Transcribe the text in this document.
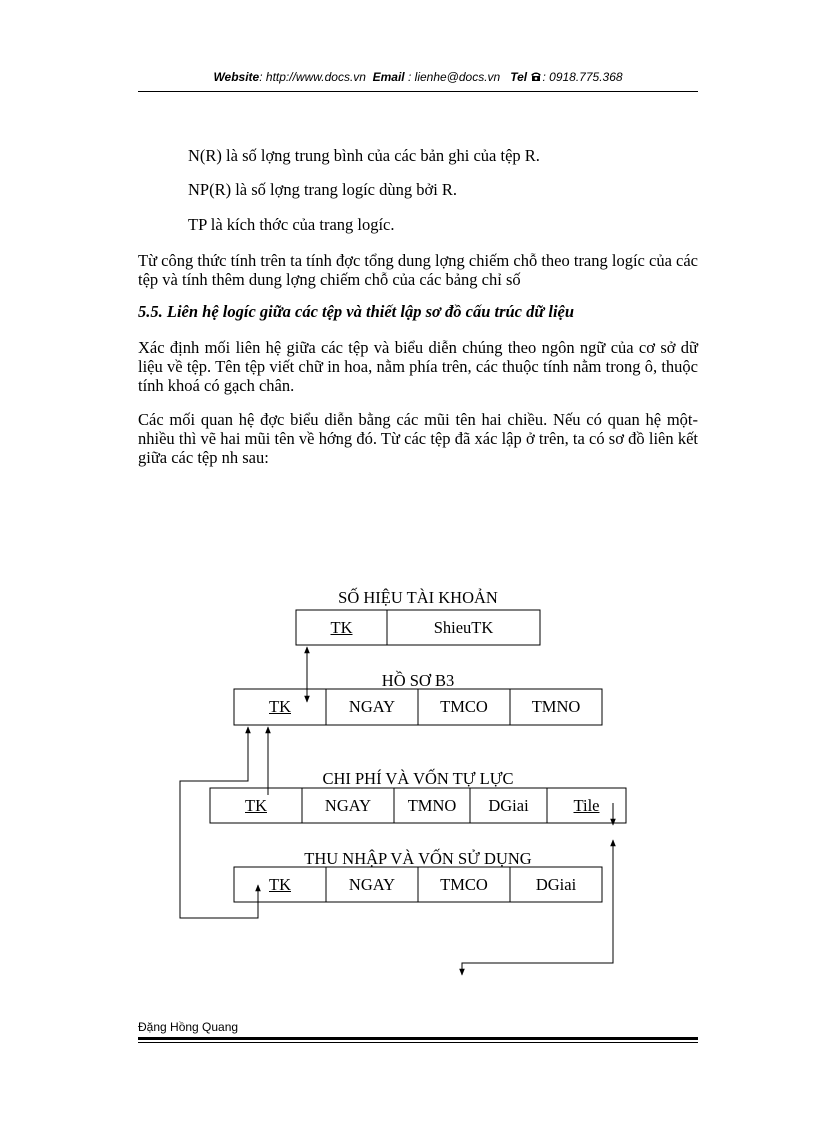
Website: http://www.docs.vn Email : lienhe@docs.vn Tel : 0918.775.368
N(R) là số lợng trung bình của các bản ghi của tệp R.
NP(R) là số lợng trang logíc dùng bởi R.
TP là kích thớc của trang logíc.
Từ công thức tính trên ta tính đợc tổng dung lợng chiếm chỗ theo trang logíc của các tệp và tính thêm dung lợng chiếm chỗ của các bảng chỉ số
5.5. Liên hệ logíc giữa các tệp và thiết lập sơ đồ cấu trúc dữ liệu
Xác định mối liên hệ giữa các tệp và biểu diễn chúng theo ngôn ngữ của cơ sở dữ liệu về tệp. Tên tệp viết chữ in hoa, nằm phía trên, các thuộc tính nằm trong ô, thuộc tính khoá có gạch chân.
Các mối quan hệ đợc biểu diễn bằng các mũi tên hai chiều. Nếu có quan hệ một- nhiều thì vẽ hai mũi tên về hớng đó. Từ các tệp đã xác lập ở trên, ta có sơ đồ liên kết giữa các tệp nh sau:
SỐ HIỆU TÀI KHOẢN
TK	ShieuTK
HỒ SƠ B3
TK	NGAY	TMCO	TMNO
CHI PHÍ VÀ VỐN TỰ LỰC
TK	NGAY	TMNO	DGiai	Tile
THU NHẬP VÀ VỐN SỬ DỤNG
TK	NGAY	TMCO	DGiai
Đặng Hồng Quang
